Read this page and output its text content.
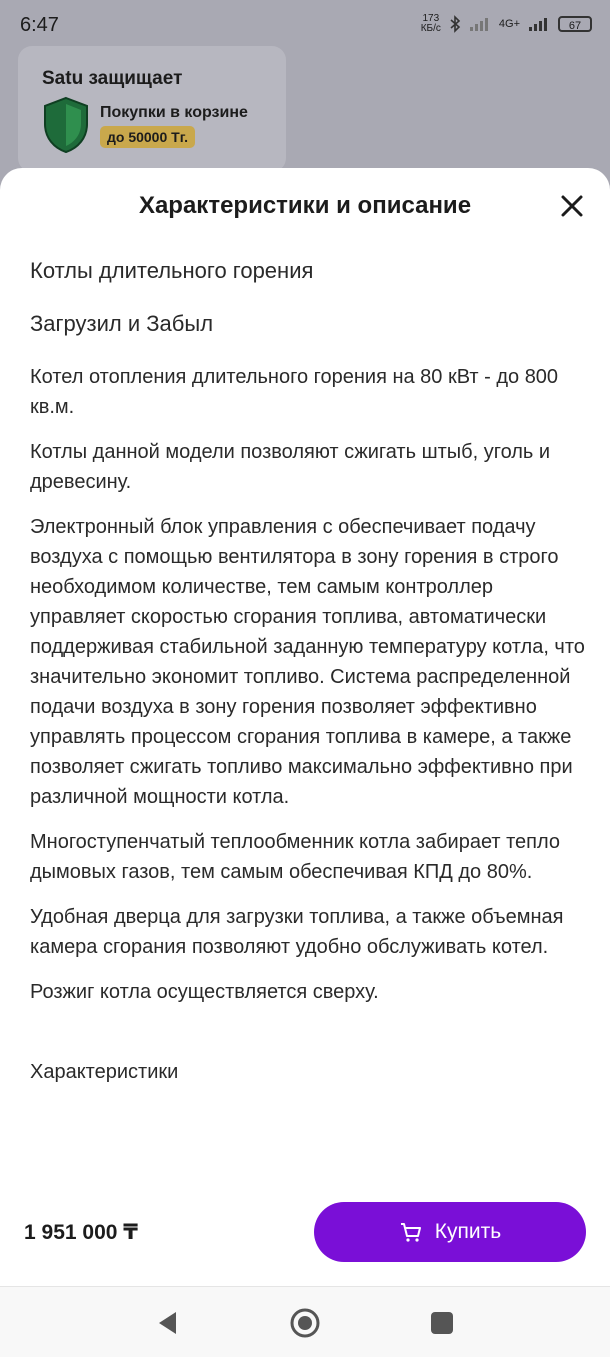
6:47	173
КБ/с	4G+	67
Satu защищает
Покупки в корзине
до 50000 Тг.
Характеристики и описание

Котлы длительного горения

Загрузил и Забыл

Котел отопления длительного горения на 80 кВт - до 800 кв.м.

Котлы данной модели позволяют сжигать штыб, уголь и древесину.

Электронный блок управления с обеспечивает подачу воздуха с помощью вентилятора в зону горения в строго необходимом количестве, тем самым контроллер управляет скоростью сгорания топлива, автоматически поддерживая стабильной заданную температуру котла, что значительно экономит топливо. Система распределенной подачи воздуха в зону горения позволяет эффективно управлять процессом сгорания топлива в камере, а также позволяет сжигать топливо максимально эффективно при различной мощности котла.

Многоступенчатый теплообменник котла забирает тепло дымовых газов, тем самым обеспечивая КПД до 80%.

Удобная дверца для загрузки топлива, а также объемная камера сгорания позволяют удобно обслуживать котел.

Розжиг котла осуществляется сверху.

Характеристики

1 951 000 ₸	Купить
